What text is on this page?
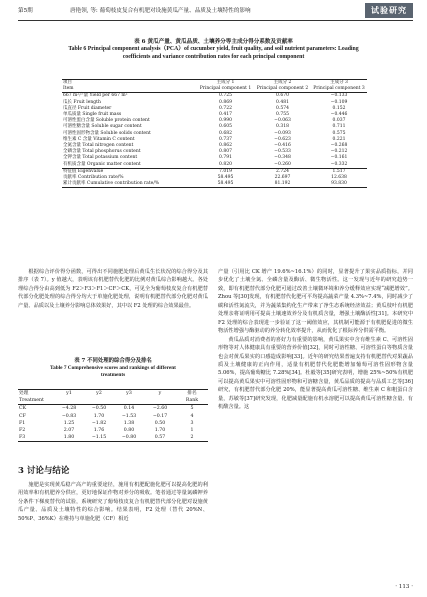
第5期	唐艳领, 等: 葡萄枝皮复合有机肥对设施黄瓜产量、品质及土壤特性的影响	试验研究
表 6 黄瓜产量、黄瓜品质、土壤养分等主成分得分系数及贡献率
Table 6 Principal component analysis（PCA）of cucumber yield, fruit quality, and soil nutrient parameters: Loading
coefficients and variance contribution rates for each principal component
项目	主成分 1	主成分 2	主成分 3
Item	Principal component 1	Principal component 2	Principal component 3
667 m²产量 Yield per 667 m²	0.725	0.670	−0.133
瓜长 Fruit length	0.869	0.481	−0.109
瓜直径 Fruit diameter	0.722	0.574	0.152
单瓜质量 Single fruit mass	0.417	0.755	−0.446
可溶性蛋白含量 Soluble protein content	0.990	−0.063	0.037
可溶性糖含量 Soluble sugar content	0.605	0.318	0.711
可溶性固形物含量 Soluble solids content	0.682	−0.093	0.575
维生素 C 含量 Vitamin C content	0.737	−0.623	0.221
全氮含量 Total nitrogen content	0.862	−0.416	−0.268
全磷含量 Total phosphorus content	0.807	−0.533	−0.212
全钾含量 Total potassium content	0.791	−0.348	−0.161
有机质含量 Organic matter content	0.820	−0.260	−0.332
特征值 Eigenvalue	7.019	2.724	1.517
贡献率 Contribution rate/%	58.495	22.697	12.638
累计贡献率 Cumulative contribution rate/%	58.495	81.192	93.830

根据综合评价得分函数，可得出不同施肥处理后黄瓜生长状况的综合得分及其排序（表 7）。y 值越大，表明该有机肥替代化肥的比例对黄瓜综合影响越大。各处理综合得分由高到低为 F2＞F3＞F1＞CF＞CK，可见全为葡萄枝皮复合有机肥替代部分化肥处理的综合得分均大于单施化肥处理，说明有机肥替代部分化肥对黄瓜产量、品质以及土壤养分影响总体效果好，其中以 F2 处理的综合效果最佳。

表 7 不同处理的综合得分及排名
Table 7 Comprehensive scores and rankings of different
treatments
处理	y1	y2	y3	y	排名
Treatment					Rank
CK	−4.28	−0.50	0.14	−2.60	5
CF	−0.83	1.70	−1.53	−0.17	4
F1	1.25	−1.82	1.38	0.50	3
F2	2.07	1.76	0.80	1.70	1
F3	1.80	−1.15	−0.80	0.57	2
3 讨论与结论

施肥是实现黄瓜稳产高产的重要途径，施用有机肥配施化肥可以提高化肥的利用效率和有机肥养分供应，更好地保证作物对养分的吸收。笔者通过等量氮磷钾养分条件下梯度替代的试验，系统研究了葡萄枝皮复合有机肥替代部分化肥对设施黄瓜产量、品质及土壤特性的综合影响。结果表明，F2 处理（替代 20%N、50%P、36%K）在维持与单施化肥（CF）相近

产量（引用比 CK 增产 19.6%~16.1%）的同时，显著提升了果实品质指标，并同步优化了土壤全氮、全磷含量及酶活、微生物活性。这一发现与近年的研究趋势一致，即有机肥替代部分化肥可通过改善土壤微环境和养分缓释效应实现“减肥增效”。Zhou 等[30]发现，有机肥替代化肥可平均提高蔬菜产量 4.3%~7.4%，同时减少了碳和活性氮流失，并为蔬菜集约化生产带来了净生态系统经济效益；黄瓜枝叶有机肥处理亲将证明用可提高土壤速效养分及有机质含量，增强土壤酶活性[31]。本研究中 F2 处理的综合表现进一步验证了这一阈值效应，其机制可能源于有机肥促进的微生物活性增强与酶驱动的养分转化效率提升，从而优化了根际养分供需平衡。

黄瓜品质对消费者的喜好力有重要的影响，黄瓜果实中含有维生素 C、可溶性固形物等对人体健康具有重要的营养价值[32]，同时可溶性糖、可溶性蛋白等物质含量也会对黄瓜果实的口感造成影响[33]。近年的研究结果普遍支持有机肥替代对果蔬品质及土壤健康的正向作用，适量有机肥替代化肥能增加葡萄可溶性固形物含量 5.06%，提高葡萄糖比 7.28%[34]。杜毅等[35]研究表明，增施 25%~50%有机肥可以提高黄瓜果实中可溶性固形物和可溶糖含量，黄瓜品质的提高与品质工艺等[36]研究，有机肥替代部分化肥 20%，能显著提高黄瓜可溶性糖、维生素 C 和粗蛋白含量，苏敏等[37]研究发现，化肥减量配施有机水溶肥可以提高黄瓜可溶性糖含量、有机酸含量。这

· 113 ·
